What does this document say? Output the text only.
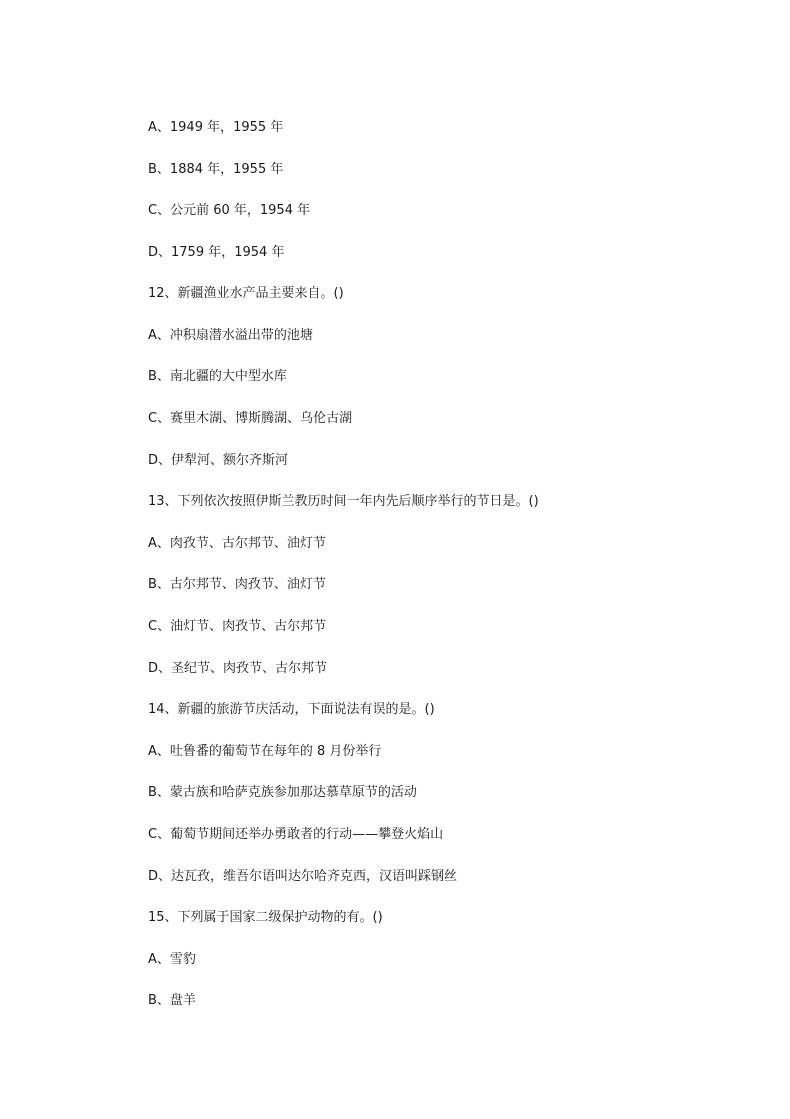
A、1949 年，1955 年
B、1884 年，1955 年
C、公元前 60 年，1954 年
D、1759 年，1954 年
12、新疆渔业水产品主要来自。()
A、冲积扇潜水溢出带的池塘
B、南北疆的大中型水库
C、赛里木湖、博斯腾湖、乌伦古湖
D、伊犁河、额尔齐斯河
13、下列依次按照伊斯兰教历时间一年内先后顺序举行的节日是。()
A、肉孜节、古尔邦节、油灯节
B、古尔邦节、肉孜节、油灯节
C、油灯节、肉孜节、古尔邦节
D、圣纪节、肉孜节、古尔邦节
14、新疆的旅游节庆活动，下面说法有误的是。()
A、吐鲁番的葡萄节在每年的 8 月份举行
B、蒙古族和哈萨克族参加那达慕草原节的活动
C、葡萄节期间还举办勇敢者的行动——攀登火焰山
D、达瓦孜，维吾尔语叫达尔哈齐克西，汉语叫踩钢丝
15、下列属于国家二级保护动物的有。()
A、雪豹
B、盘羊
